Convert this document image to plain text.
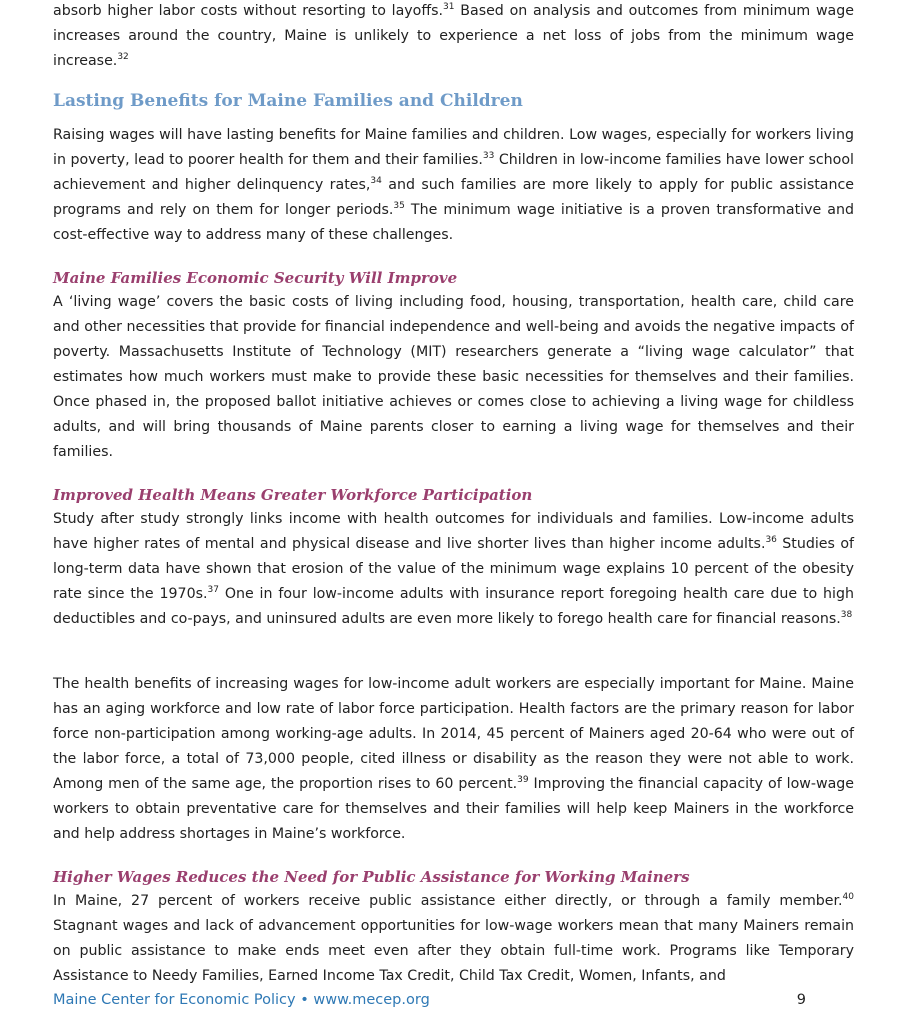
absorb higher labor costs without resorting to layoffs.$^{31}$ Based on analysis and outcomes from minimum wage increases around the country, Maine is unlikely to experience a net loss of jobs from the minimum wage increase.$^{32}$

Lasting Benefits for Maine Families and Children

Raising wages will have lasting benefits for Maine families and children. Low wages, especially for workers living in poverty, lead to poorer health for them and their families.$^{33}$ Children in low-income families have lower school achievement and higher delinquency rates,$^{34}$ and such families are more likely to apply for public assistance programs and rely on them for longer periods.$^{35}$ The minimum wage initiative is a proven transformative and cost-effective way to address many of these challenges.

Maine Families Economic Security Will Improve

A ‘living wage’ covers the basic costs of living including food, housing, transportation, health care, child care and other necessities that provide for financial independence and well-being and avoids the negative impacts of poverty. Massachusetts Institute of Technology (MIT) researchers generate a “living wage calculator” that estimates how much workers must make to provide these basic necessities for themselves and their families. Once phased in, the proposed ballot initiative achieves or comes close to achieving a living wage for childless adults, and will bring thousands of Maine parents closer to earning a living wage for themselves and their families.

Improved Health Means Greater Workforce Participation

Study after study strongly links income with health outcomes for individuals and families. Low-income adults have higher rates of mental and physical disease and live shorter lives than higher income adults.$^{36}$ Studies of long-term data have shown that erosion of the value of the minimum wage explains 10 percent of the obesity rate since the 1970s.$^{37}$ One in four low-income adults with insurance report foregoing health care due to high deductibles and co-pays, and uninsured adults are even more likely to forego health care for financial reasons.$^{38}$

The health benefits of increasing wages for low-income adult workers are especially important for Maine. Maine has an aging workforce and low rate of labor force participation. Health factors are the primary reason for labor force non-participation among working-age adults. In 2014, 45 percent of Mainers aged 20-64 who were out of the labor force, a total of 73,000 people, cited illness or disability as the reason they were not able to work. Among men of the same age, the proportion rises to 60 percent.$^{39}$ Improving the financial capacity of low-wage workers to obtain preventative care for themselves and their families will help keep Mainers in the workforce and help address shortages in Maine’s workforce.

Higher Wages Reduces the Need for Public Assistance for Working Mainers

In Maine, 27 percent of workers receive public assistance either directly, or through a family member.$^{40}$ Stagnant wages and lack of advancement opportunities for low-wage workers mean that many Mainers remain on public assistance to make ends meet even after they obtain full-time work. Programs like Temporary Assistance to Needy Families, Earned Income Tax Credit, Child Tax Credit, Women, Infants, and

Maine Center for Economic Policy • www.mecep.org	9
